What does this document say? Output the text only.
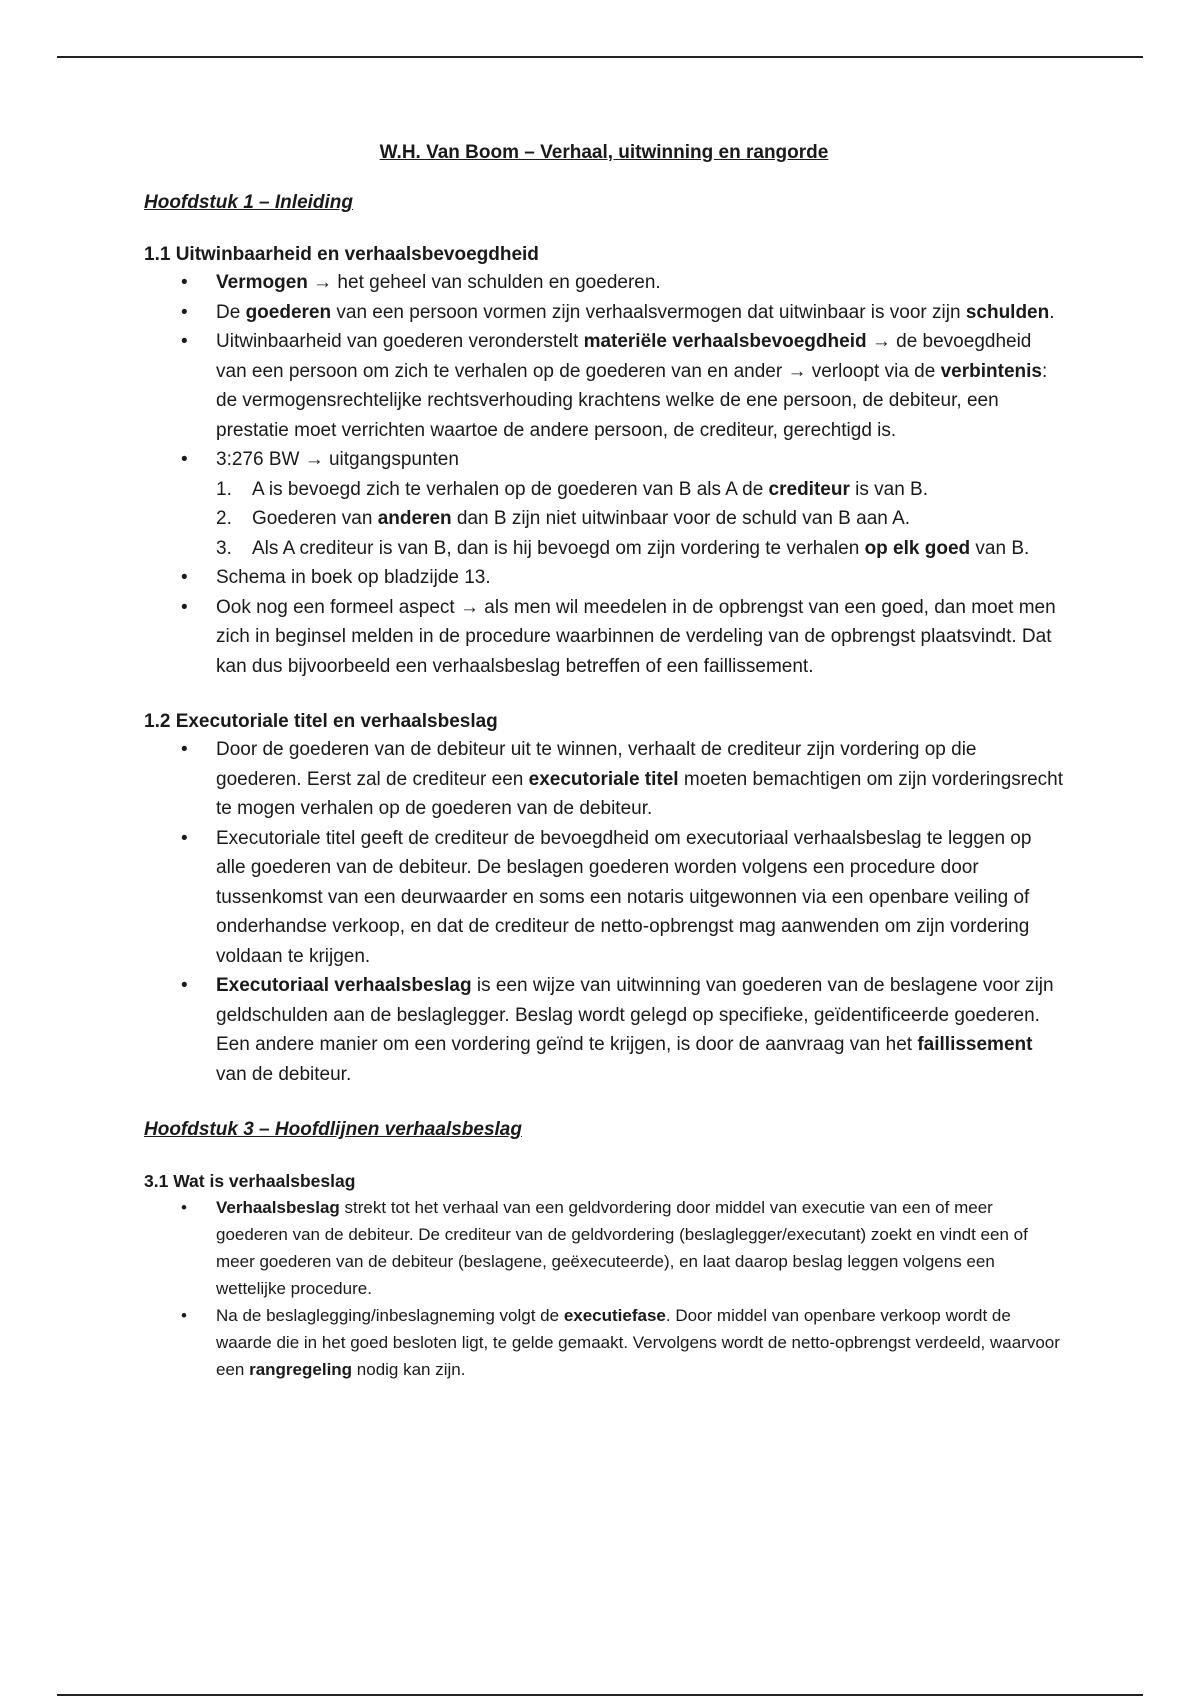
W.H. Van Boom – Verhaal, uitwinning en rangorde
Hoofdstuk 1 – Inleiding
1.1 Uitwinbaarheid en verhaalsbevoegdheid
• Vermogen → het geheel van schulden en goederen.
• De goederen van een persoon vormen zijn verhaalsvermogen dat uitwinbaar is voor zijn schulden.
• Uitwinbaarheid van goederen veronderstelt materiële verhaalsbevoegdheid → de bevoegdheid van een persoon om zich te verhalen op de goederen van en ander → verloopt via de verbintenis: de vermogensrechtelijke rechtsverhouding krachtens welke de ene persoon, de debiteur, een prestatie moet verrichten waartoe de andere persoon, de crediteur, gerechtigd is.
• 3:276 BW → uitgangspunten
1. A is bevoegd zich te verhalen op de goederen van B als A de crediteur is van B.
2. Goederen van anderen dan B zijn niet uitwinbaar voor de schuld van B aan A.
3. Als A crediteur is van B, dan is hij bevoegd om zijn vordering te verhalen op elk goed van B.
• Schema in boek op bladzijde 13.
• Ook nog een formeel aspect → als men wil meedelen in de opbrengst van een goed, dan moet men zich in beginsel melden in de procedure waarbinnen de verdeling van de opbrengst plaatsvindt. Dat kan dus bijvoorbeeld een verhaalsbeslag betreffen of een faillissement.
1.2 Executoriale titel en verhaalsbeslag
• Door de goederen van de debiteur uit te winnen, verhaalt de crediteur zijn vordering op die goederen. Eerst zal de crediteur een executoriale titel moeten bemachtigen om zijn vorderingsrecht te mogen verhalen op de goederen van de debiteur.
• Executoriale titel geeft de crediteur de bevoegdheid om executoriaal verhaalsbeslag te leggen op alle goederen van de debiteur. De beslagen goederen worden volgens een procedure door tussenkomst van een deurwaarder en soms een notaris uitgewonnen via een openbare veiling of onderhandse verkoop, en dat de crediteur de netto-opbrengst mag aanwenden om zijn vordering voldaan te krijgen.
• Executoriaal verhaalsbeslag is een wijze van uitwinning van goederen van de beslagene voor zijn geldschulden aan de beslaglegger. Beslag wordt gelegd op specifieke, geïdentificeerde goederen. Een andere manier om een vordering geïnd te krijgen, is door de aanvraag van het faillissement van de debiteur.
Hoofdstuk 3 – Hoofdlijnen verhaalsbeslag
3.1 Wat is verhaalsbeslag
• Verhaalsbeslag strekt tot het verhaal van een geldvordering door middel van executie van een of meer goederen van de debiteur. De crediteur van de geldvordering (beslaglegger/executant) zoekt en vindt een of meer goederen van de debiteur (beslagene, geëxecuteerde), en laat daarop beslag leggen volgens een wettelijke procedure.
• Na de beslaglegging/inbeslagneming volgt de executiefase. Door middel van openbare verkoop wordt de waarde die in het goed besloten ligt, te gelde gemaakt. Vervolgens wordt de netto-opbrengst verdeeld, waarvoor een rangregeling nodig kan zijn.
